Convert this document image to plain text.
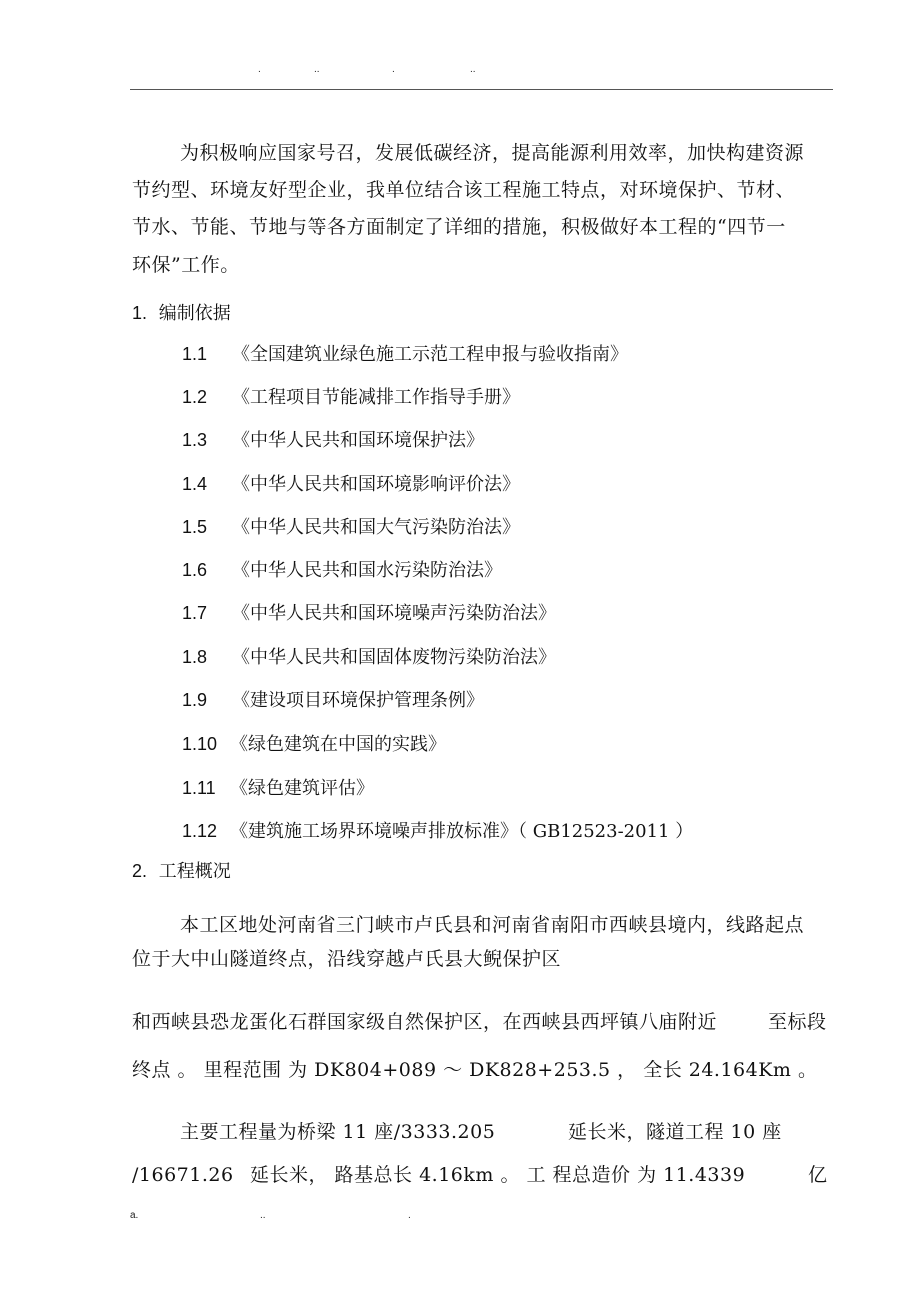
.	..	.	..
为积极响应国家号召，发展低碳经济，提高能源利用效率，加快构建资源
节约型、环境友好型企业，我单位结合该工程施工特点，对环境保护、节材、
节水、节能、节地与等各方面制定了详细的措施，积极做好本工程的“四节一
环保”工作。
1. 编制依据
1.1 《全国建筑业绿色施工示范工程申报与验收指南》
1.2 《工程项目节能减排工作指导手册》
1.3 《中华人民共和国环境保护法》
1.4 《中华人民共和国环境影响评价法》
1.5 《中华人民共和国大气污染防治法》
1.6 《中华人民共和国水污染防治法》
1.7 《中华人民共和国环境噪声污染防治法》
1.8 《中华人民共和国固体废物污染防治法》
1.9 《建设项目环境保护管理条例》
1.10 《绿色建筑在中国的实践》
1.11 《绿色建筑评估》
1.12 《建筑施工场界环境噪声排放标准》（ GB12523-2011 ）
2. 工程概况
本工区地处河南省三门峡市卢氏县和河南省南阳市西峡县境内，线路起点
位于大中山隧道终点，沿线穿越卢氏县大鲵保护区
和西峡县恐龙蛋化石群国家级自然保护区，在西峡县西坪镇八庙附近	至标段
终点 。 里程范围 为 DK804+089 ～ DK828+253.5 ， 全长 24.164Km 。
主要工程量为桥梁 11 座/3333.205	延长米，隧道工程 10 座
/16671.26 延长米， 路基总长 4.16km 。 工 程总造价 为 11.4339	亿
a.	..	.
